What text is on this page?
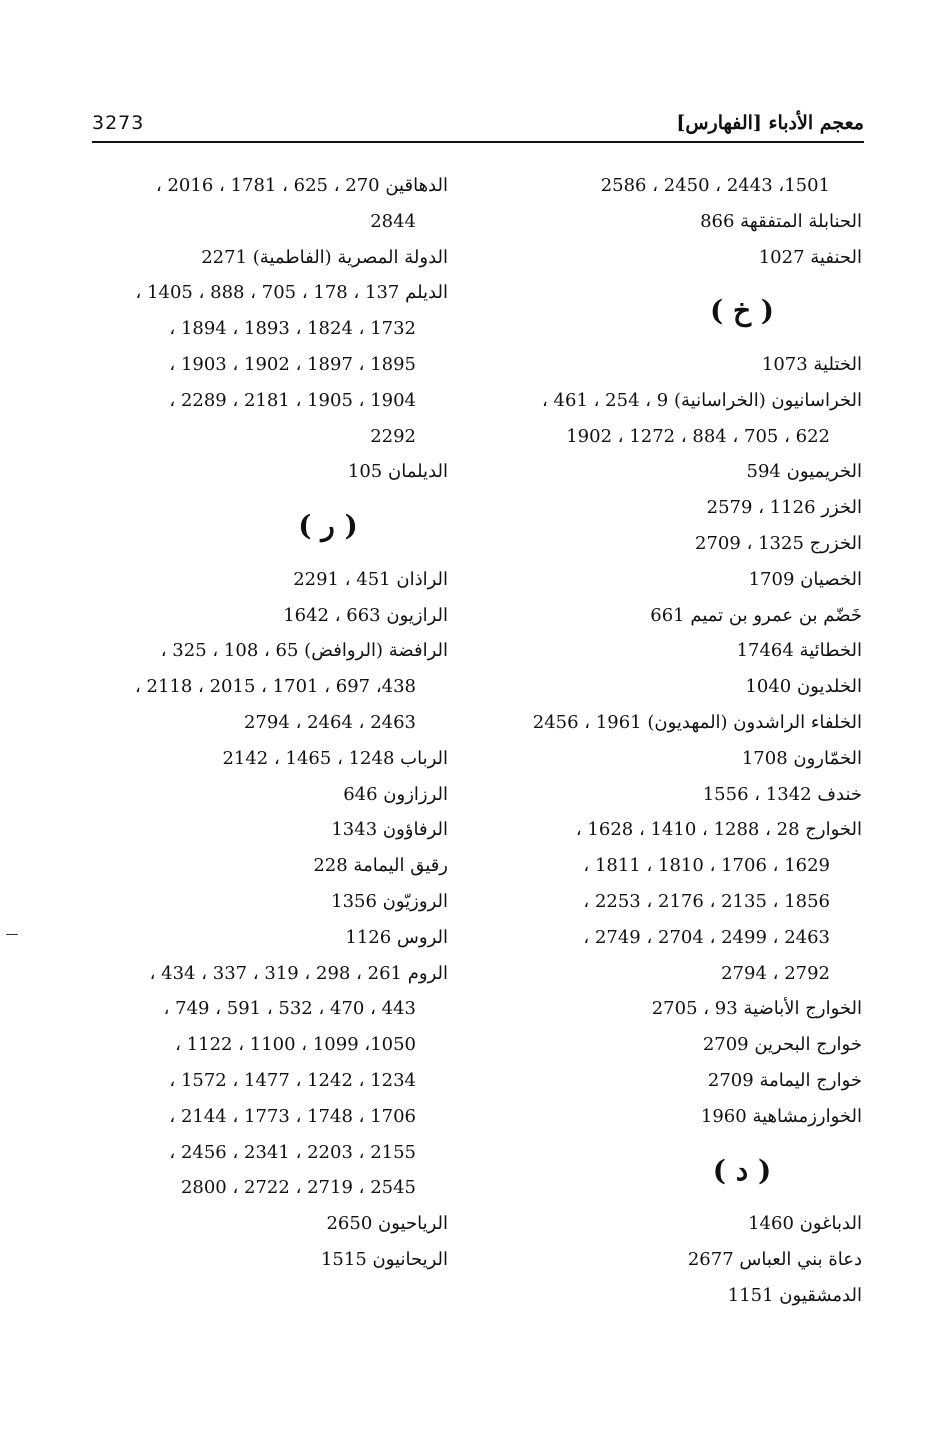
3273	معجم الأدباء [الفهارس]
1501، 2443 ، 2450 ، 2586
الحنابلة المتفقهة 866
الحنفية 1027
( خ )
الختلية 1073
الخراسانيون (الخراسانية) 9 ، 254 ، 461 ،
622 ، 705 ، 884 ، 1272 ، 1902
الخريميون 594
الخزر 1126 ، 2579
الخزرج 1325 ، 2709
الخصيان 1709
خَضّم بن عمرو بن تميم 661
الخطائية 17464
الخلديون 1040
الخلفاء الراشدون (المهديون) 1961 ، 2456
الخمّارون 1708
خندف 1342 ، 1556
الخوارج 28 ، 1288 ، 1410 ، 1628 ،
1629 ، 1706 ، 1810 ، 1811 ،
1856 ، 2135 ، 2176 ، 2253 ،
2463 ، 2499 ، 2704 ، 2749 ،
2792 ، 2794
الخوارج الأباضية 93 ، 2705
خوارج البحرين 2709
خوارج اليمامة 2709
الخوارزمشاهية 1960
( د )
الدباغون 1460
دعاة بني العباس 2677
الدمشقيون 1151
الدهاقين 270 ، 625 ، 1781 ، 2016 ،
2844
الدولة المصرية (الفاطمية) 2271
الديلم 137 ، 178 ، 705 ، 888 ، 1405 ،
1732 ، 1824 ، 1893 ، 1894 ،
1895 ، 1897 ، 1902 ، 1903 ،
1904 ، 1905 ، 2181 ، 2289 ،
2292
الديلمان 105
( ر )
الراذان 451 ، 2291
الرازيون 663 ، 1642
الرافضة (الروافض) 65 ، 108 ، 325 ،
438، 697 ، 1701 ، 2015 ، 2118 ،
2463 ، 2464 ، 2794
الرباب 1248 ، 1465 ، 2142
الرزازون 646
الرفاؤون 1343
رقيق اليمامة 228
الروزيّون 1356
الروس 1126
الروم 261 ، 298 ، 319 ، 337 ، 434 ،
443 ، 470 ، 532 ، 591 ، 749 ،
1050، 1099 ، 1100 ، 1122 ،
1234 ، 1242 ، 1477 ، 1572 ،
1706 ، 1748 ، 1773 ، 2144 ،
2155 ، 2203 ، 2341 ، 2456 ،
2545 ، 2719 ، 2722 ، 2800
الرياحيون 2650
الريحانيون 1515
